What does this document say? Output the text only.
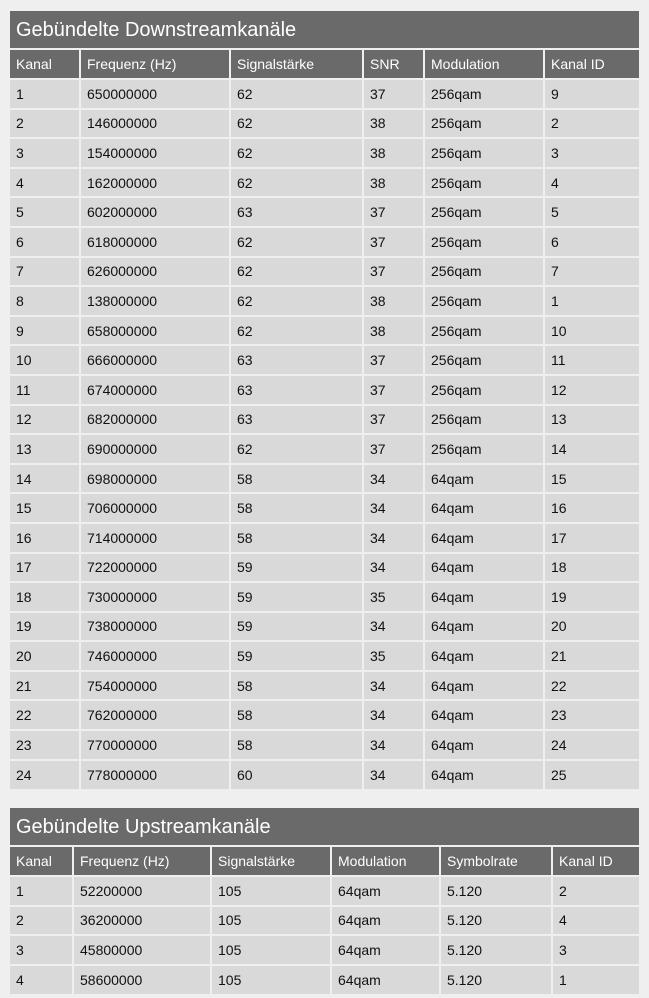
Gebündelte Downstreamkanäle
Kanal	Frequenz (Hz)	Signalstärke	SNR	Modulation	Kanal ID
1	650000000	62	37	256qam	9
2	146000000	62	38	256qam	2
3	154000000	62	38	256qam	3
4	162000000	62	38	256qam	4
5	602000000	63	37	256qam	5
6	618000000	62	37	256qam	6
7	626000000	62	37	256qam	7
8	138000000	62	38	256qam	1
9	658000000	62	38	256qam	10
10	666000000	63	37	256qam	11
11	674000000	63	37	256qam	12
12	682000000	63	37	256qam	13
13	690000000	62	37	256qam	14
14	698000000	58	34	64qam	15
15	706000000	58	34	64qam	16
16	714000000	58	34	64qam	17
17	722000000	59	34	64qam	18
18	730000000	59	35	64qam	19
19	738000000	59	34	64qam	20
20	746000000	59	35	64qam	21
21	754000000	58	34	64qam	22
22	762000000	58	34	64qam	23
23	770000000	58	34	64qam	24
24	778000000	60	34	64qam	25
Gebündelte Upstreamkanäle
Kanal	Frequenz (Hz)	Signalstärke	Modulation	Symbolrate	Kanal ID
1	52200000	105	64qam	5.120	2
2	36200000	105	64qam	5.120	4
3	45800000	105	64qam	5.120	3
4	58600000	105	64qam	5.120	1
